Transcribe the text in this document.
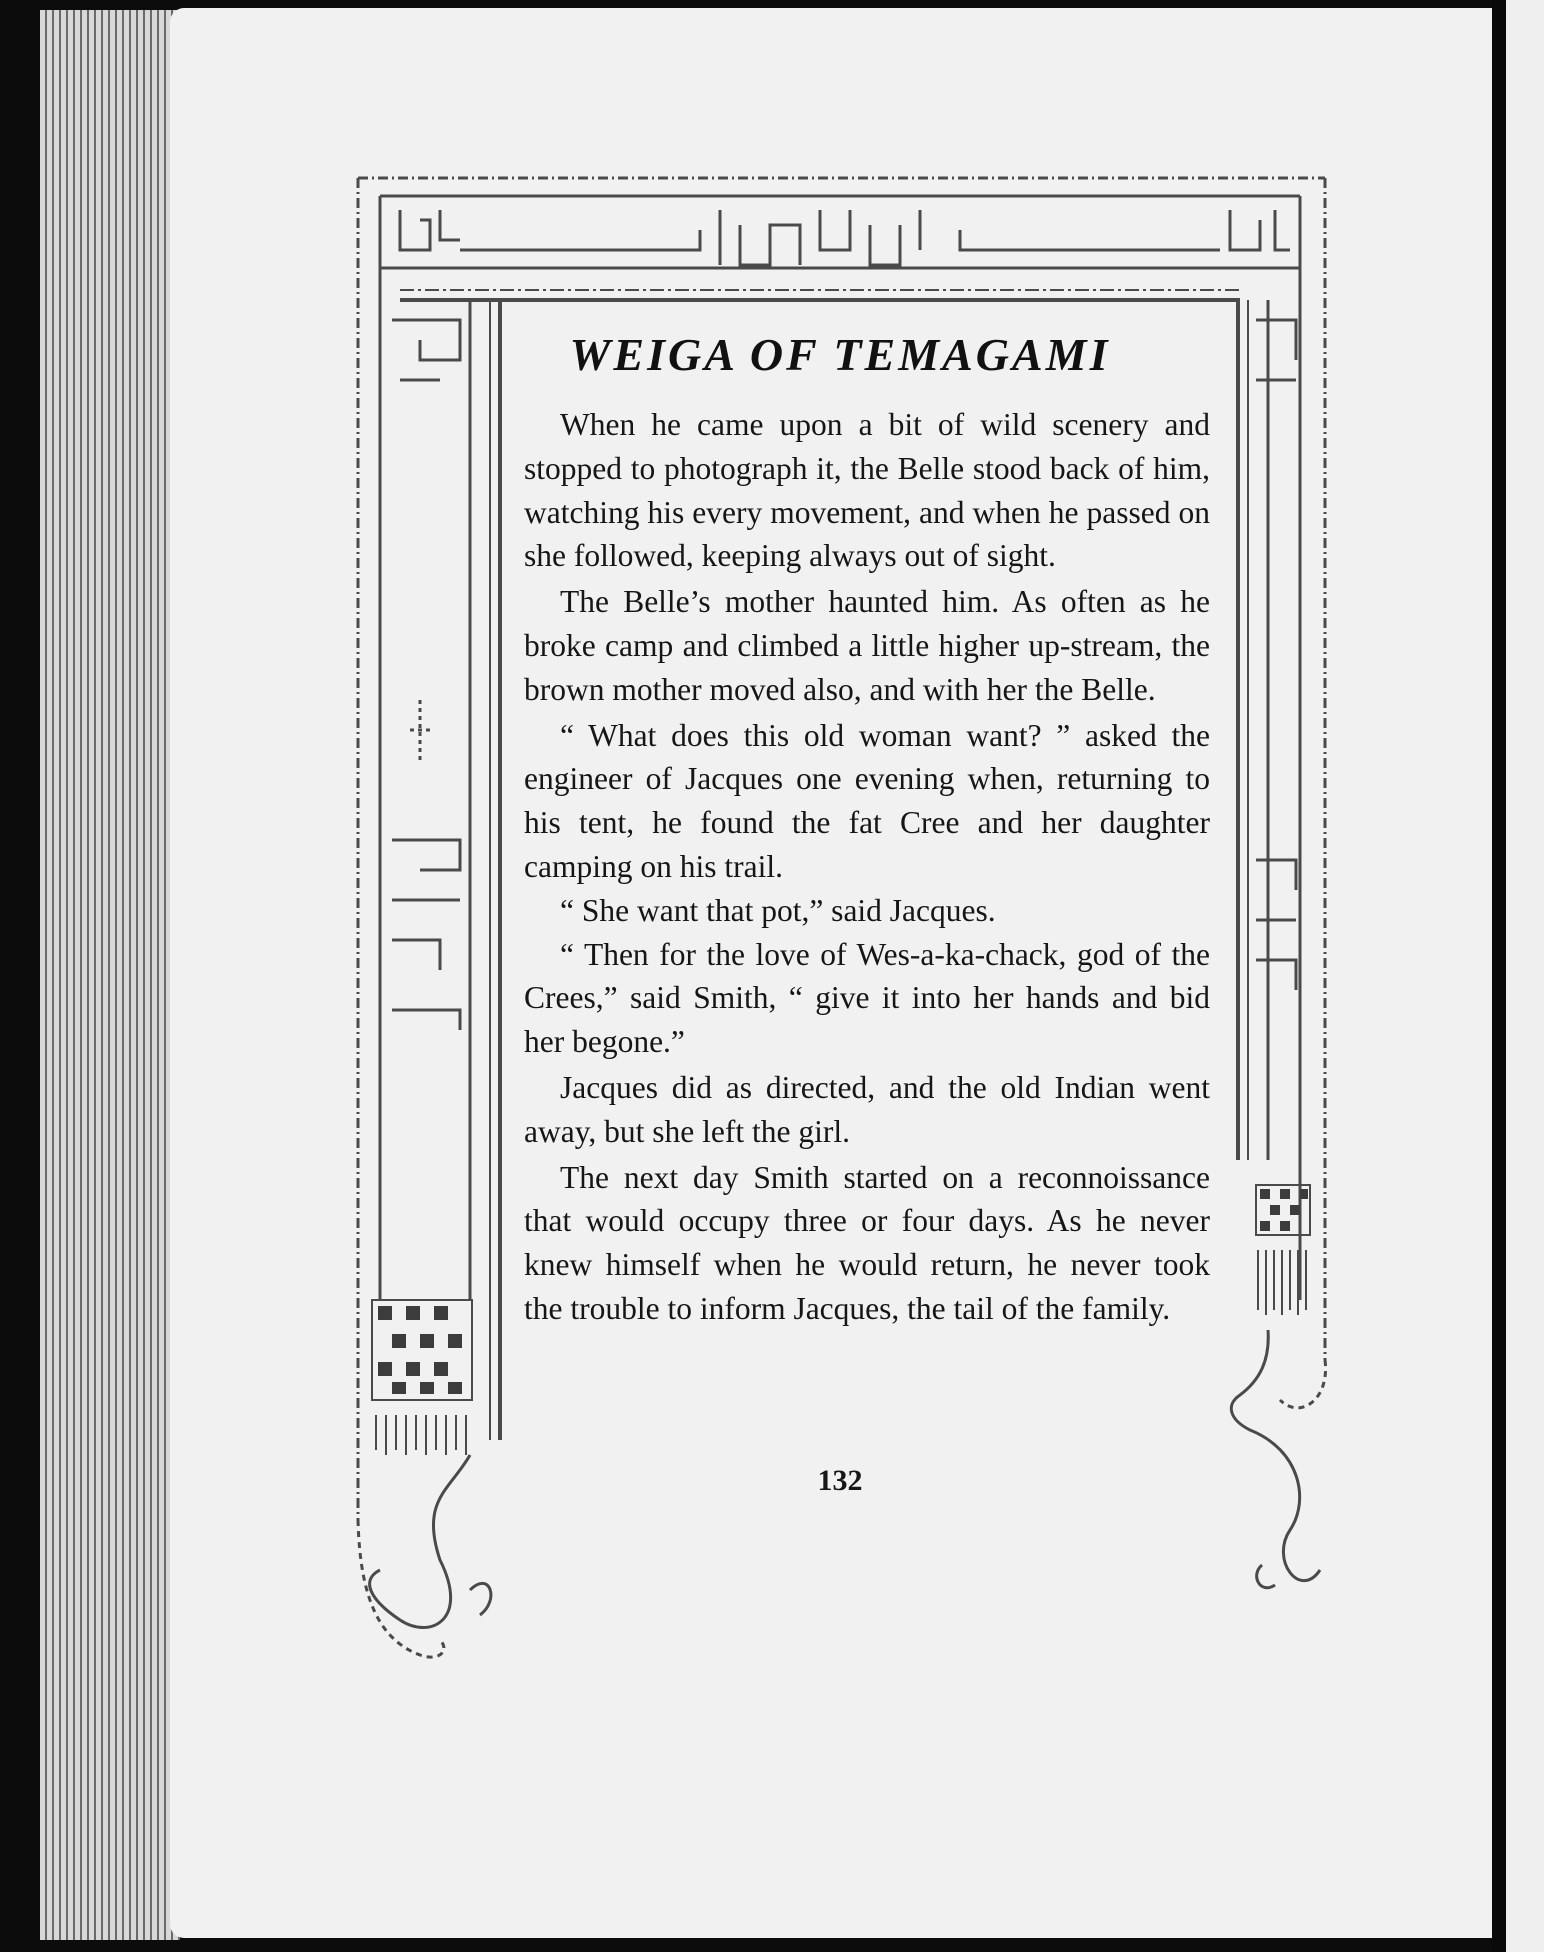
WEIGA OF TEMAGAMI

When he came upon a bit of wild scenery and stopped to photograph it, the Belle stood back of him, watching his every movement, and when he passed on she followed, keeping always out of sight.

The Belle’s mother haunted him. As often as he broke camp and climbed a little higher up-stream, the brown mother moved also, and with her the Belle.

“ What does this old woman want? ” asked the engineer of Jacques one evening when, returning to his tent, he found the fat Cree and her daughter camping on his trail.

“ She want that pot,” said Jacques.

“ Then for the love of Wes-a-ka-chack, god of the Crees,” said Smith, “ give it into her hands and bid her begone.”

Jacques did as directed, and the old Indian went away, but she left the girl.

The next day Smith started on a reconnoissance that would occupy three or four days. As he never knew himself when he would return, he never took the trouble to inform Jacques, the tail of the family.

132
